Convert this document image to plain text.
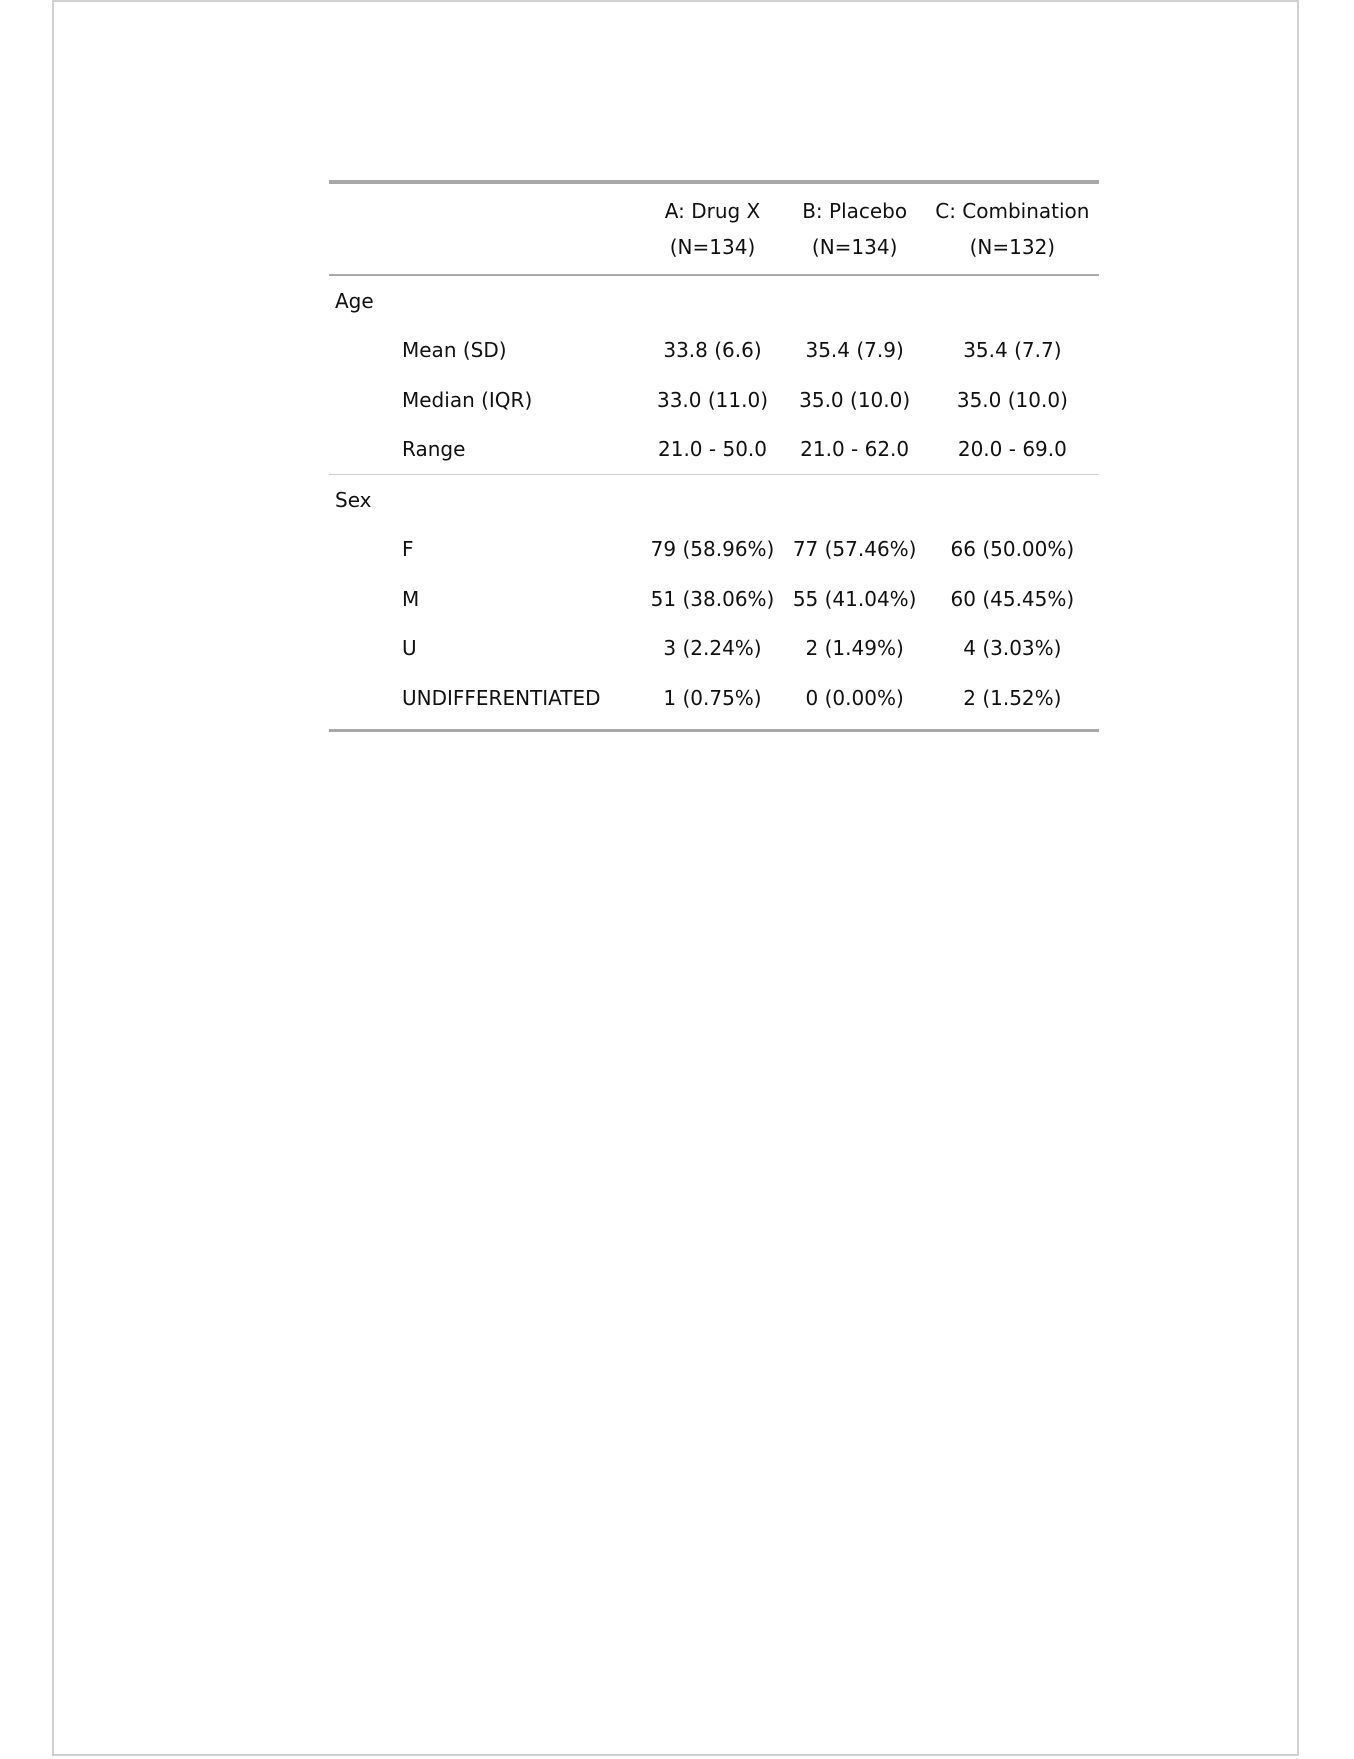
	A: Drug X	B: Placebo	C: Combination
	(N=134)	(N=134)	(N=132)
Age			
Mean (SD)	33.8 (6.6)	35.4 (7.9)	35.4 (7.7)
Median (IQR)	33.0 (11.0)	35.0 (10.0)	35.0 (10.0)
Range	21.0 - 50.0	21.0 - 62.0	20.0 - 69.0
Sex			
F	79 (58.96%)	77 (57.46%)	66 (50.00%)
M	51 (38.06%)	55 (41.04%)	60 (45.45%)
U	3 (2.24%)	2 (1.49%)	4 (3.03%)
UNDIFFERENTIATED	1 (0.75%)	0 (0.00%)	2 (1.52%)
